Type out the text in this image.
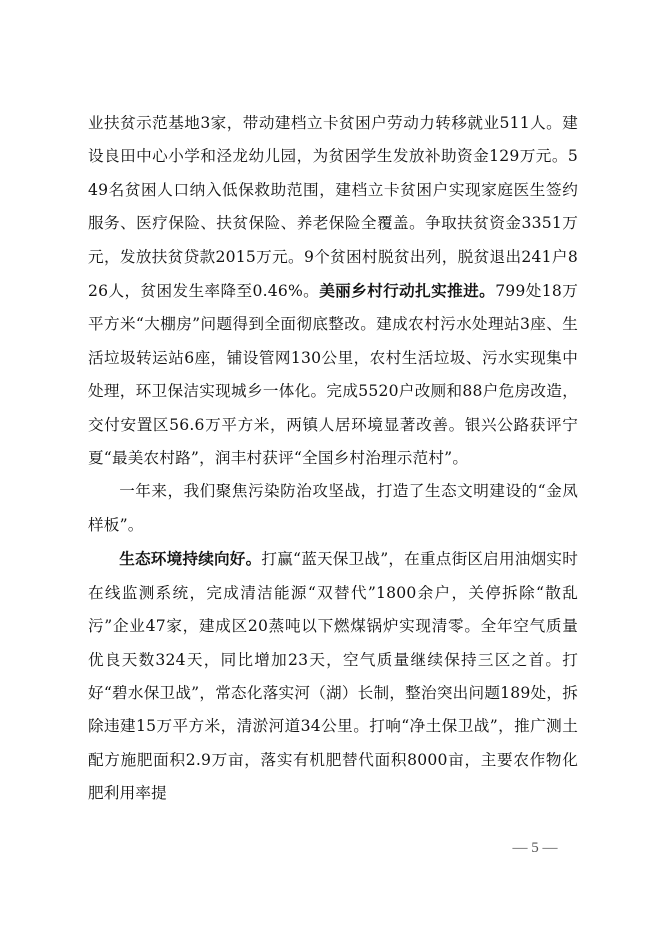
业扶贫示范基地3家，带动建档立卡贫困户劳动力转移就业511人。建设良田中心小学和泾龙幼儿园，为贫困学生发放补助资金129万元。549名贫困人口纳入低保救助范围，建档立卡贫困户实现家庭医生签约服务、医疗保险、扶贫保险、养老保险全覆盖。争取扶贫资金3351万元，发放扶贫贷款2015万元。9个贫困村脱贫出列，脱贫退出241户826人，贫困发生率降至0.46%。美丽乡村行动扎实推进。799处18万平方米“大棚房”问题得到全面彻底整改。建成农村污水处理站3座、生活垃圾转运站6座，铺设管网130公里，农村生活垃圾、污水实现集中处理，环卫保洁实现城乡一体化。完成5520户改厕和88户危房改造，交付安置区56.6万平方米，两镇人居环境显著改善。银兴公路获评宁夏“最美农村路”，润丰村获评“全国乡村治理示范村”。

一年来，我们聚焦污染防治攻坚战，打造了生态文明建设的“金凤样板”。

生态环境持续向好。打赢“蓝天保卫战”，在重点街区启用油烟实时在线监测系统，完成清洁能源“双替代”1800余户，关停拆除“散乱污”企业47家，建成区20蒸吨以下燃煤锅炉实现清零。全年空气质量优良天数324天，同比增加23天，空气质量继续保持三区之首。打好“碧水保卫战”，常态化落实河（湖）长制，整治突出问题189处，拆除违建15万平方米，清淤河道34公里。打响“净土保卫战”，推广测土配方施肥面积2.9万亩，落实有机肥替代面积8000亩，主要农作物化肥利用率提

— 5 —
